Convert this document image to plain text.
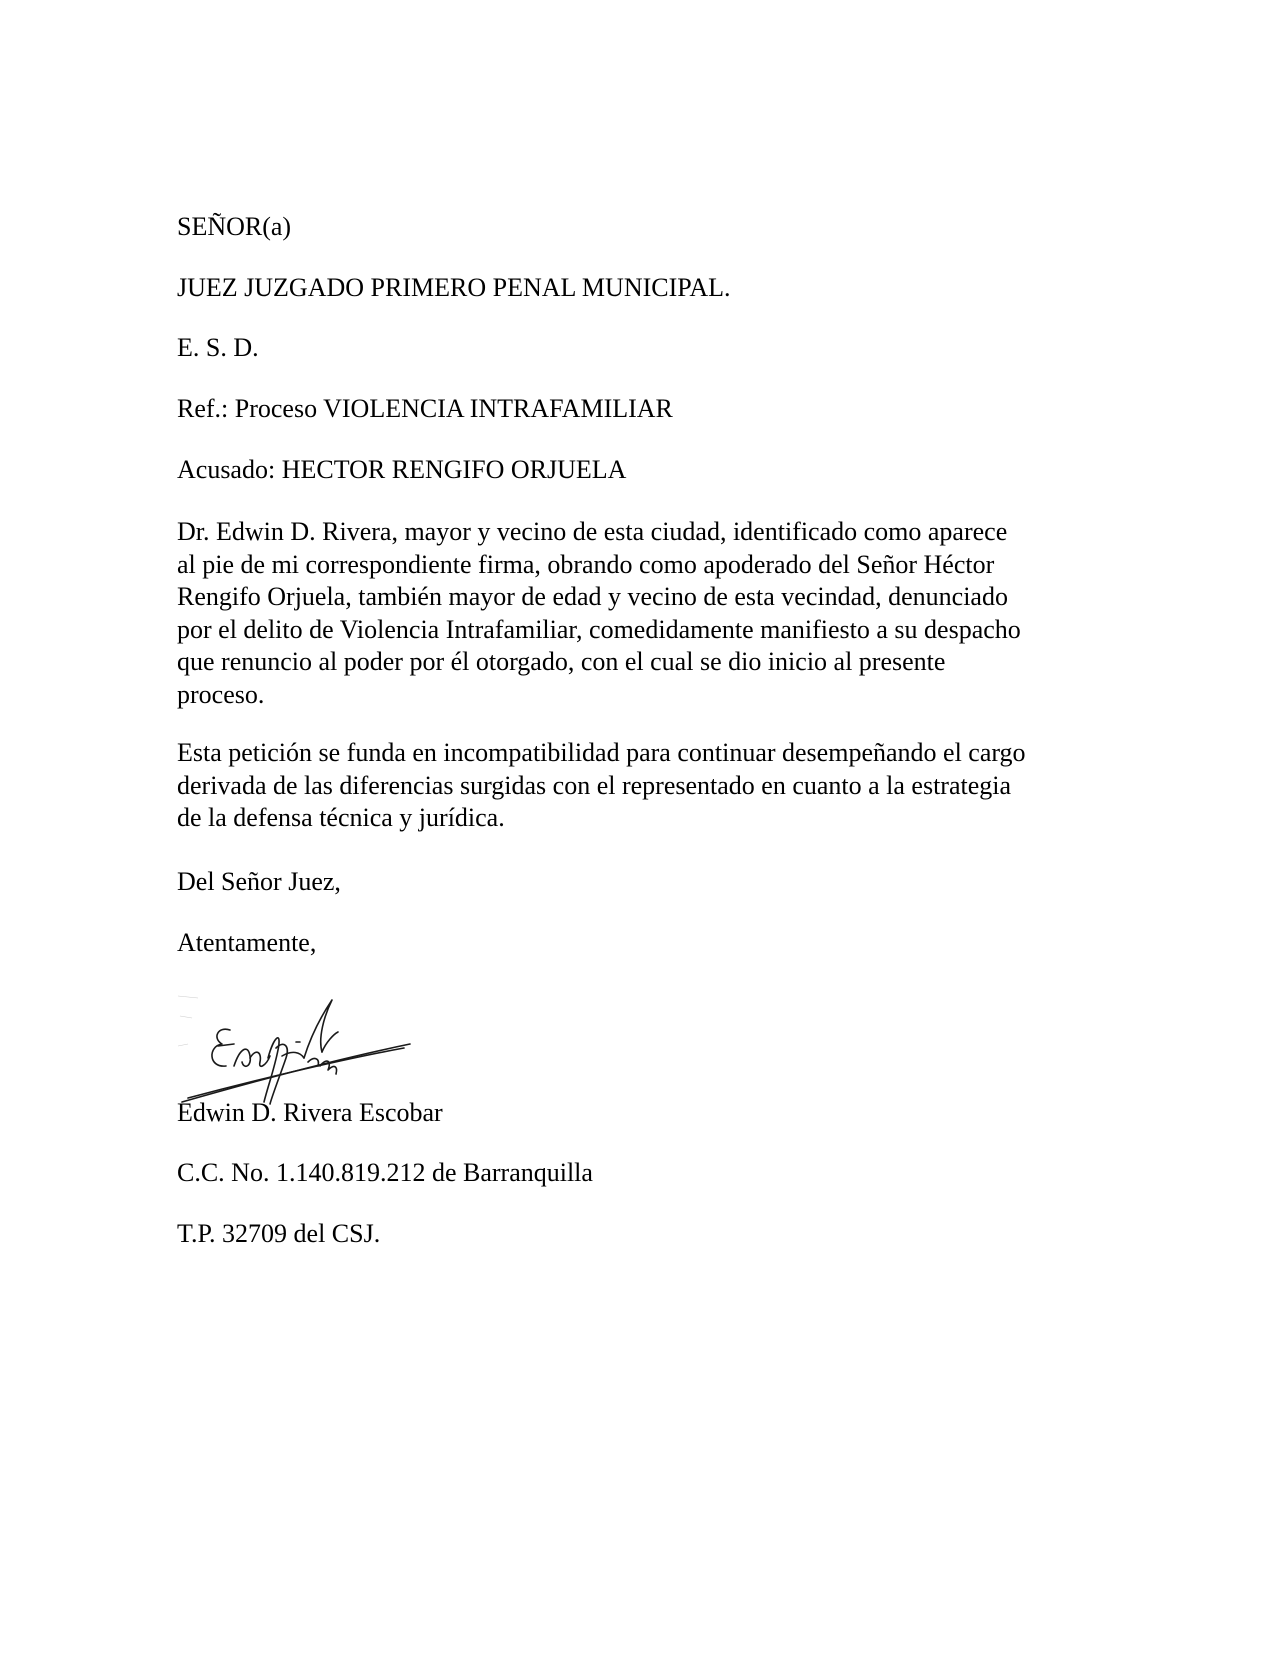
SEÑOR(a)

JUEZ JUZGADO PRIMERO PENAL MUNICIPAL.

E. S. D.

Ref.: Proceso VIOLENCIA INTRAFAMILIAR

Acusado: HECTOR RENGIFO ORJUELA

Dr. Edwin D. Rivera, mayor y vecino de esta ciudad, identificado como aparece
al pie de mi correspondiente firma, obrando como apoderado del Señor Héctor
Rengifo Orjuela, también mayor de edad y vecino de esta vecindad, denunciado
por el delito de Violencia Intrafamiliar, comedidamente manifiesto a su despacho
que renuncio al poder por él otorgado, con el cual se dio inicio al presente
proceso.
Esta petición se funda en incompatibilidad para continuar desempeñando el cargo
derivada de las diferencias surgidas con el representado en cuanto a la estrategia
de la defensa técnica y jurídica.

Del Señor Juez,

Atentamente,

Edwin D. Rivera Escobar

C.C. No. 1.140.819.212 de Barranquilla

T.P. 32709 del CSJ.
